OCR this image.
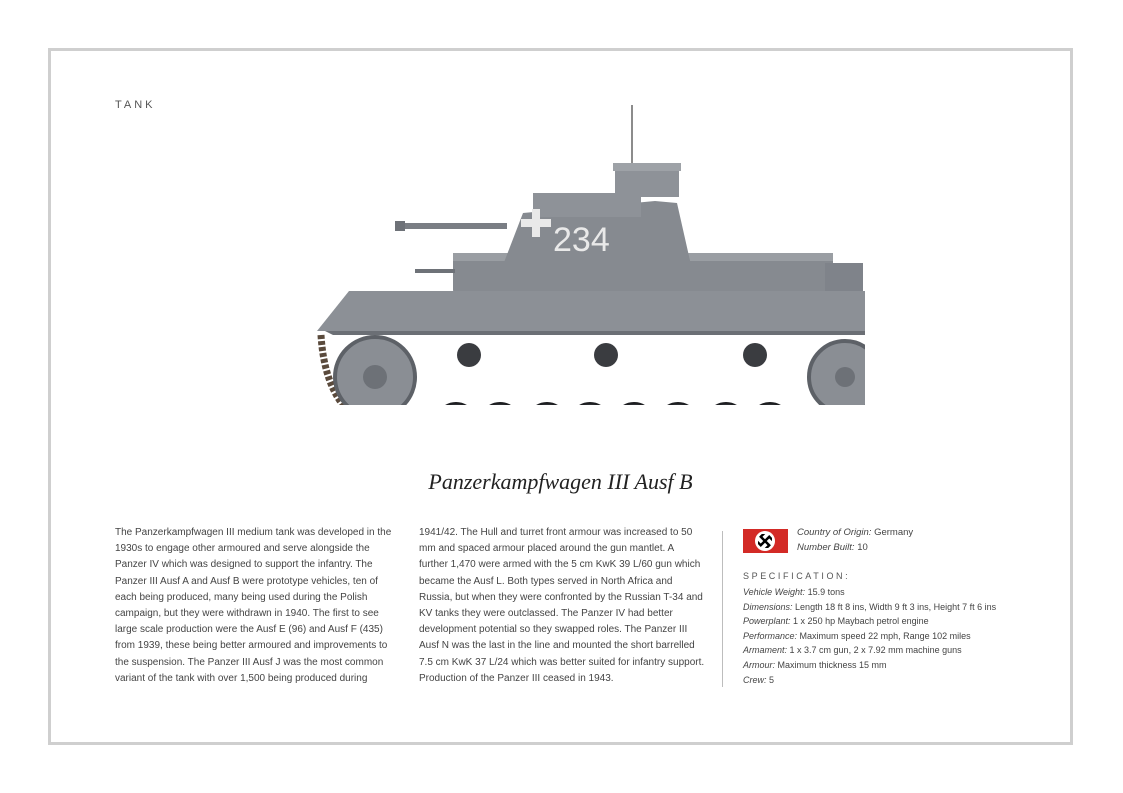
TANK
234
Panzerkampfwagen III Ausf B
The Panzerkampfwagen III medium tank was developed in the 1930s to engage other armoured and serve alongside the Panzer IV which was designed to support the infantry. The Panzer III Ausf A and Ausf B were prototype vehicles, ten of each being produced, many being used during the Polish campaign, but they were withdrawn in 1940. The first to see large scale production were the Ausf E (96) and Ausf F (435) from 1939, these being better armoured and improvements to the suspension. The Panzer III Ausf J was the most common variant of the tank with over 1,500 being produced during
1941/42. The Hull and turret front armour was increased to 50 mm and spaced armour placed around the gun mantlet. A further 1,470 were armed with the 5 cm KwK 39 L/60 gun which became the Ausf L. Both types served in North Africa and Russia, but when they were confronted by the Russian T-34 and KV tanks they were outclassed. The Panzer IV had better development potential so they swapped roles. The Panzer III Ausf N was the last in the line and mounted the short barrelled 7.5 cm KwK 37 L/24 which was better suited for infantry support. Production of the Panzer III ceased in 1943.
Country of Origin: Germany
Number Built: 10
SPECIFICATION:
Vehicle Weight: 15.9 tons
Dimensions: Length 18 ft 8 ins, Width 9 ft 3 ins, Height 7 ft 6 ins
Powerplant: 1 x 250 hp Maybach petrol engine
Performance: Maximum speed 22 mph, Range 102 miles
Armament: 1 x 3.7 cm gun, 2 x 7.92 mm machine guns
Armour: Maximum thickness 15 mm
Crew: 5
